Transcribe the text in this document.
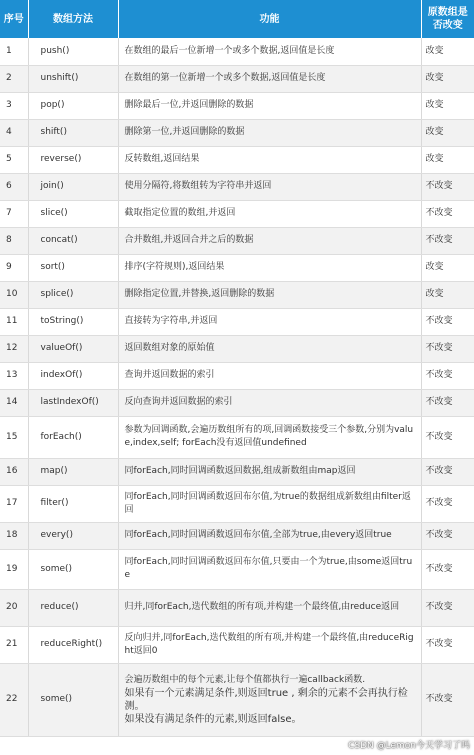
序号	数组方法	功能	原数组是否改变
1	push()	在数组的最后一位新增一个或多个数据,返回值是长度	改变
2	unshift()	在数组的第一位新增一个或多个数据,返回值是长度	改变
3	pop()	删除最后一位,并返回删除的数据	改变
4	shift()	删除第一位,并返回删除的数据	改变
5	reverse()	反转数组,返回结果	改变
6	join()	使用分隔符,将数组转为字符串并返回	不改变
7	slice()	截取指定位置的数组,并返回	不改变
8	concat()	合并数组,并返回合并之后的数据	不改变
9	sort()	排序(字符规则),返回结果	改变
10	splice()	删除指定位置,并替换,返回删除的数据	改变
11	toString()	直接转为字符串,并返回	不改变
12	valueOf()	返回数组对象的原始值	不改变
13	indexOf()	查询并返回数据的索引	不改变
14	lastIndexOf()	反向查询并返回数据的索引	不改变
15	forEach()	参数为回调函数,会遍历数组所有的项,回调函数接受三个参数,分别为value,index,self; forEach没有返回值undefined	不改变
16	map()	同forEach,同时回调函数返回数据,组成新数组由map返回	不改变
17	filter()	同forEach,同时回调函数返回布尔值,为true的数据组成新数组由filter返回	不改变
18	every()	同forEach,同时回调函数返回布尔值,全部为true,由every返回true	不改变
19	some()	同forEach,同时回调函数返回布尔值,只要由一个为true,由some返回true	不改变
20	reduce()	归并,同forEach,迭代数组的所有项,并构建一个最终值,由reduce返回	不改变
21	reduceRight()	反向归并,同forEach,迭代数组的所有项,并构建一个最终值,由reduceRight返回0	不改变
22	some()	会遍历数组中的每个元素,让每个值都执行一遍callback函数.
如果有一个元素满足条件,则返回true , 剩余的元素不会再执行检测。
如果没有满足条件的元素,则返回false。	不改变
CSDN @Lemon今天学习了吗
